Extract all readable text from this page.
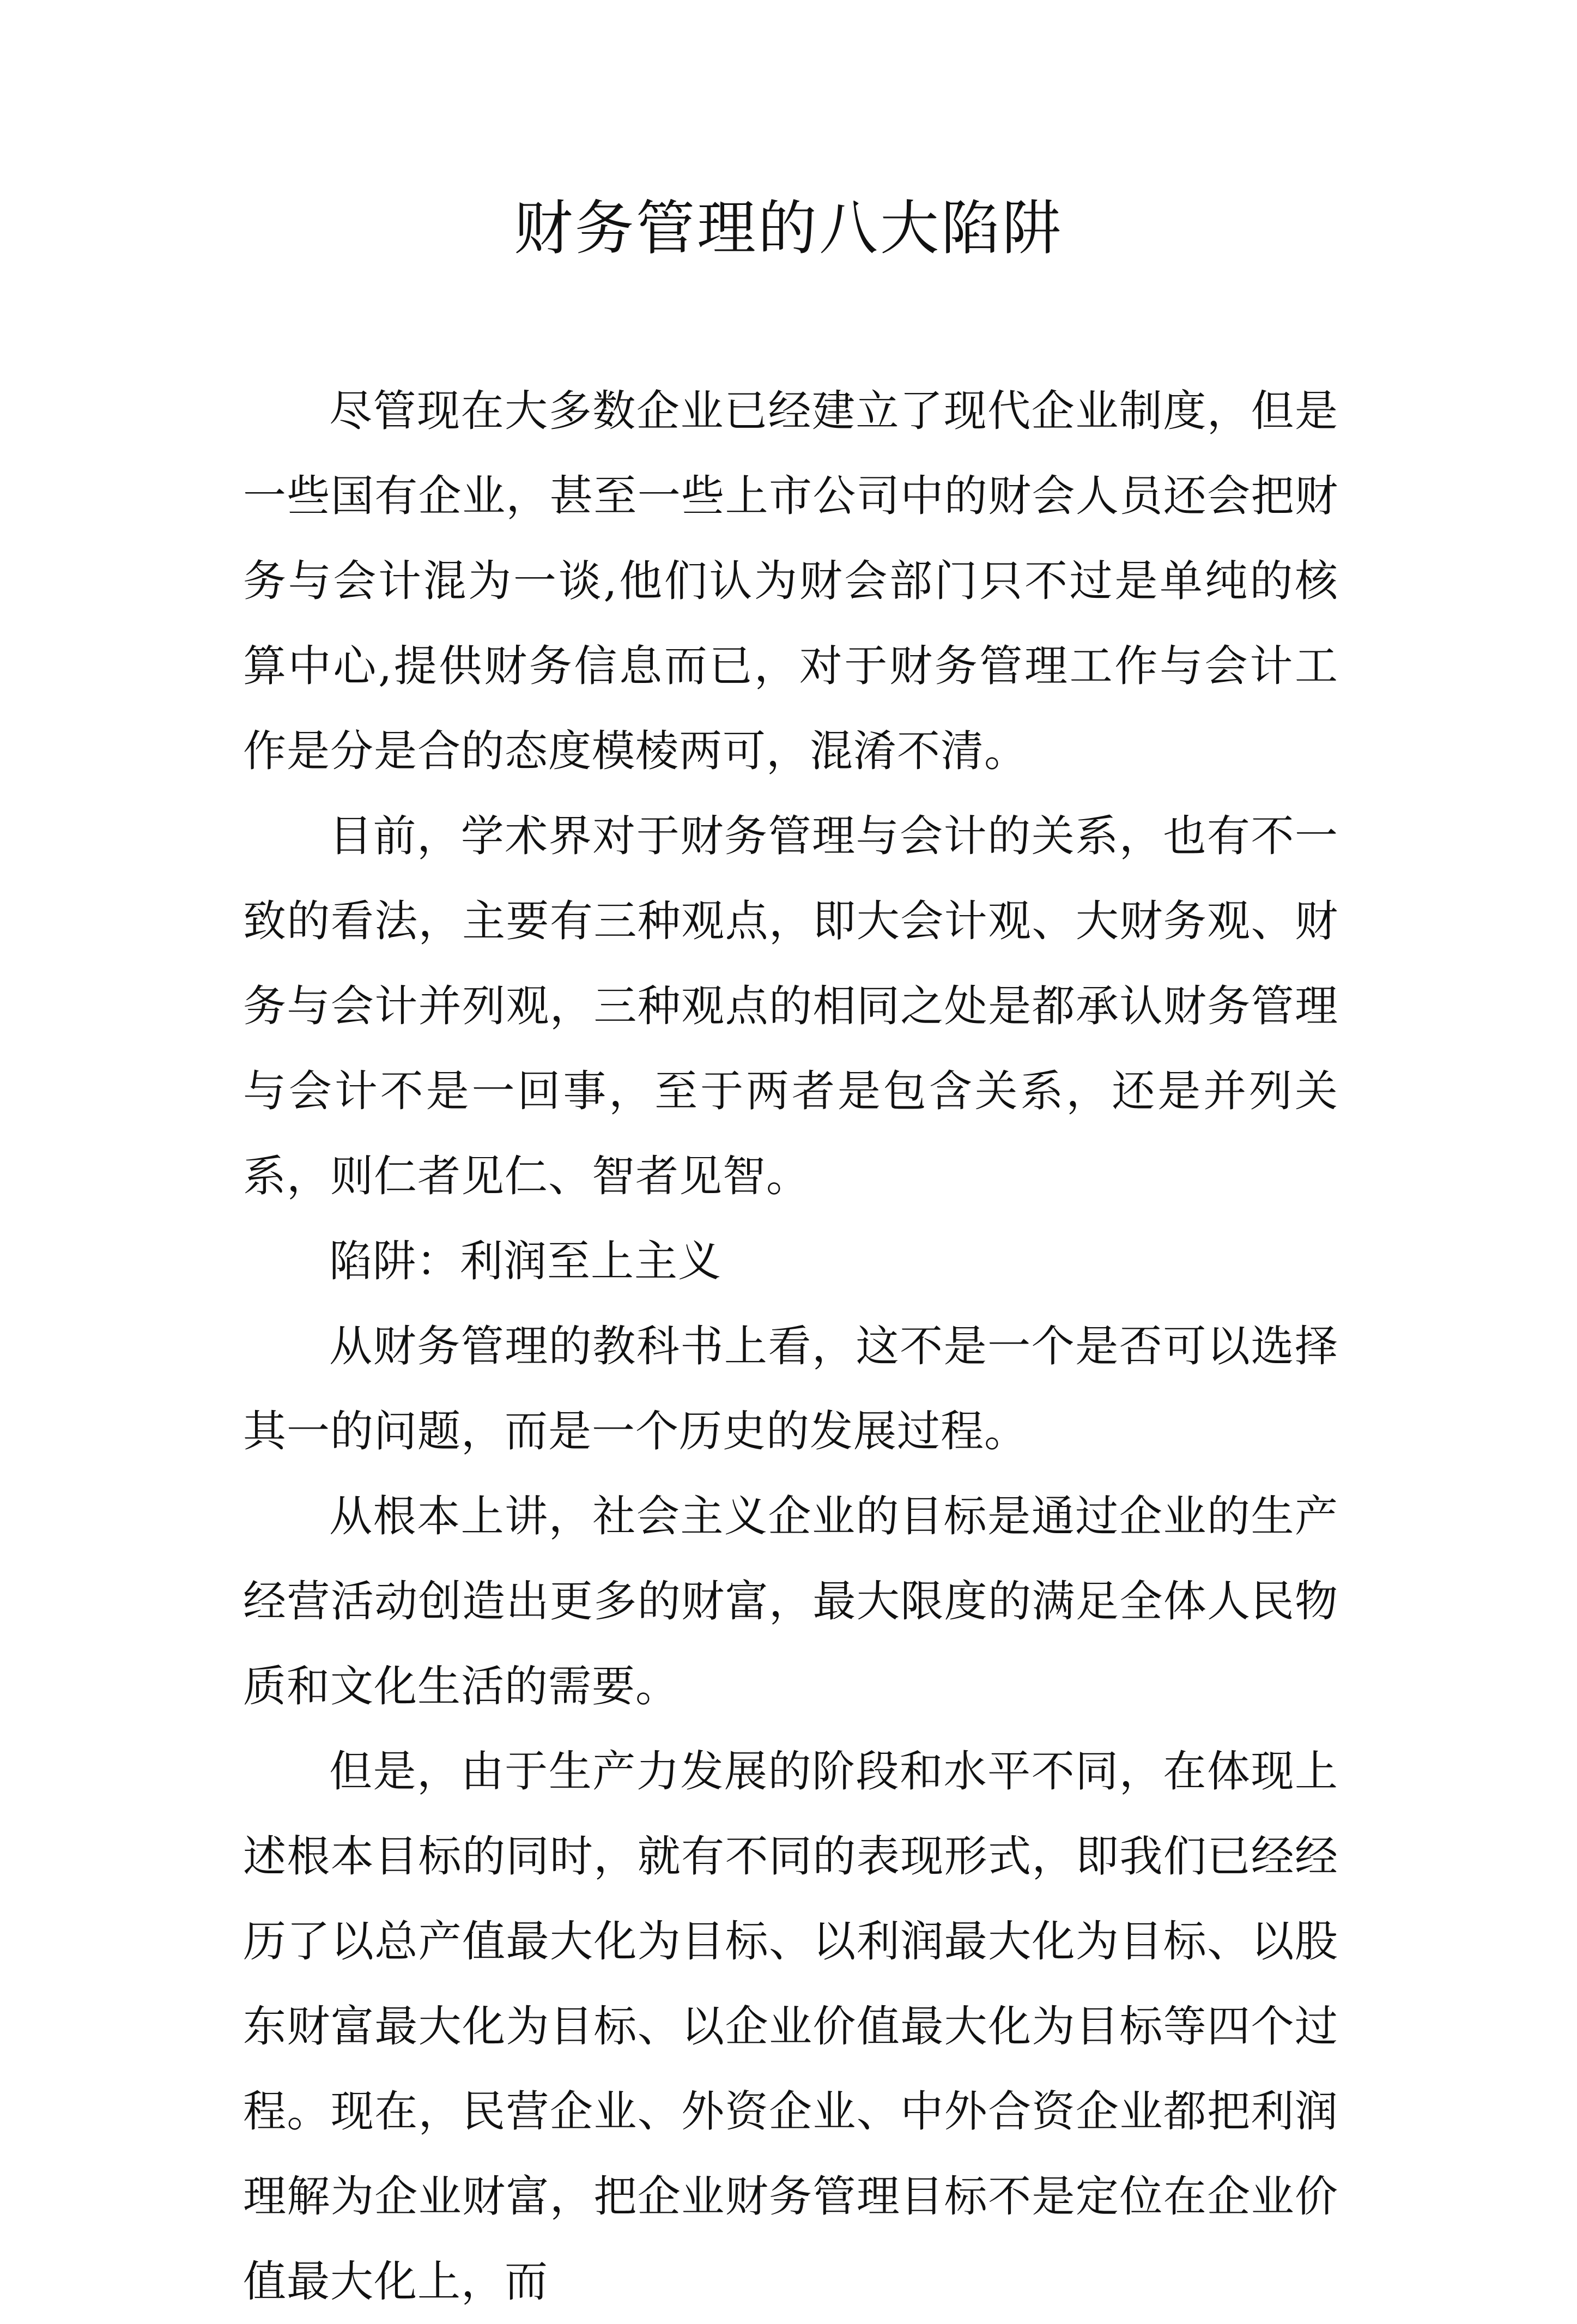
财务管理的八大陷阱

尽管现在大多数企业已经建立了现代企业制度，但是一些国有企业，甚至一些上市公司中的财会人员还会把财务与会计混为一谈,他们认为财会部门只不过是单纯的核算中心,提供财务信息而已，对于财务管理工作与会计工作是分是合的态度模棱两可，混淆不清。

目前，学术界对于财务管理与会计的关系，也有不一致的看法，主要有三种观点，即大会计观、大财务观、财务与会计并列观，三种观点的相同之处是都承认财务管理与会计不是一回事，至于两者是包含关系，还是并列关系，则仁者见仁、智者见智。

陷阱：利润至上主义

从财务管理的教科书上看，这不是一个是否可以选择其一的问题，而是一个历史的发展过程。

从根本上讲，社会主义企业的目标是通过企业的生产经营活动创造出更多的财富，最大限度的满足全体人民物质和文化生活的需要。

但是，由于生产力发展的阶段和水平不同，在体现上述根本目标的同时，就有不同的表现形式，即我们已经经历了以总产值最大化为目标、以利润最大化为目标、以股东财富最大化为目标、以企业价值最大化为目标等四个过程。现在，民营企业、外资企业、中外合资企业都把利润理解为企业财富，把企业财务管理目标不是定位在企业价值最大化上，而
